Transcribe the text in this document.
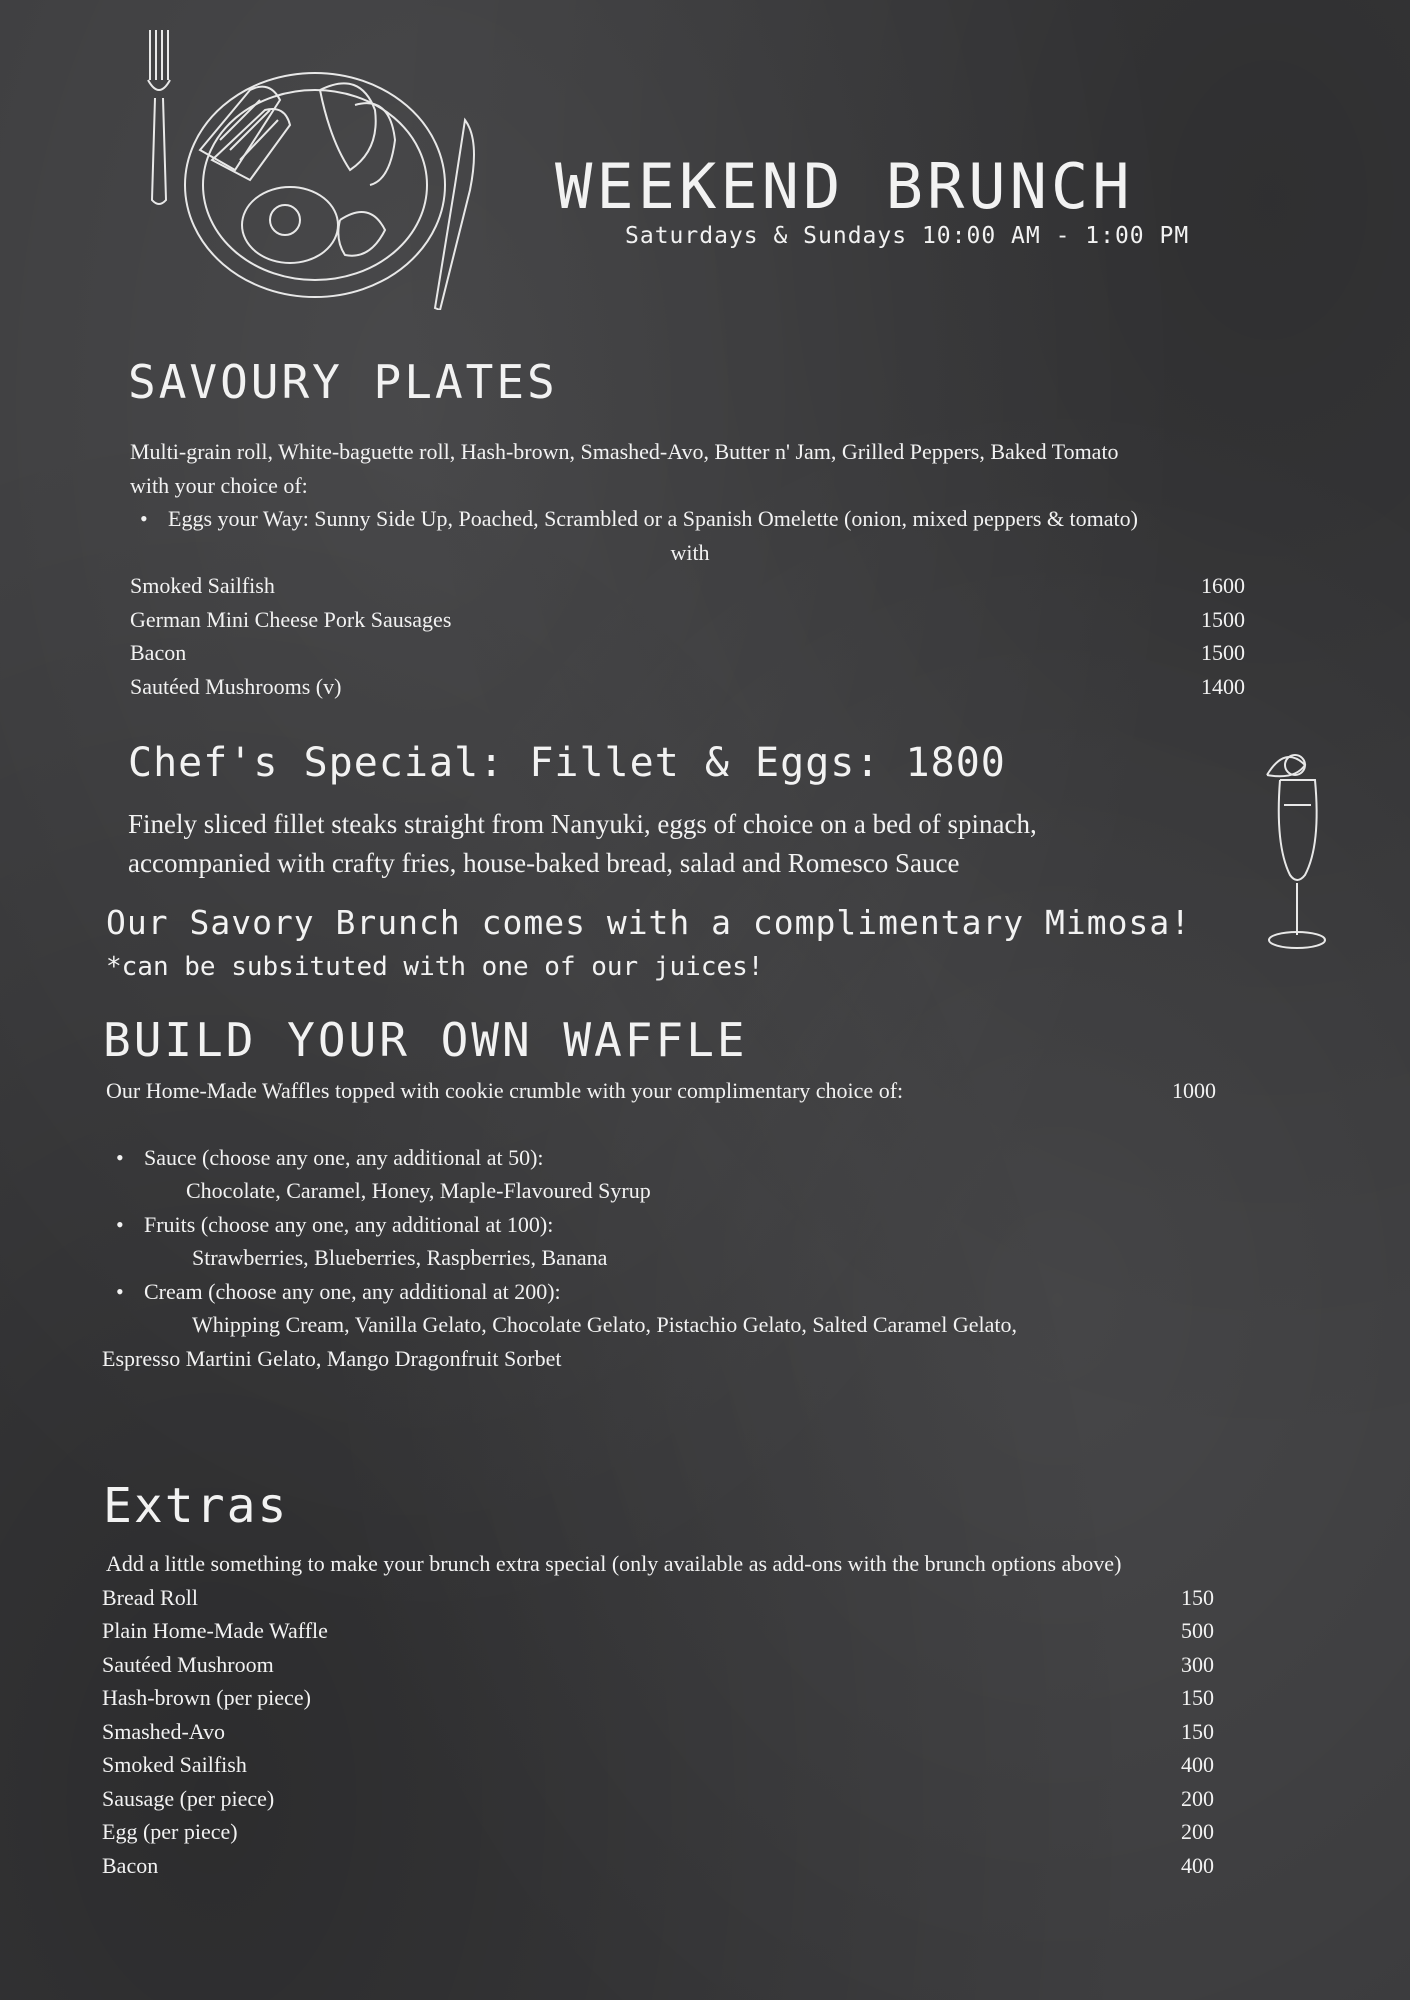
WEEKEND BRUNCH
Saturdays & Sundays 10:00 AM - 1:00 PM
SAVOURY PLATES
Multi-grain roll, White-baguette roll, Hash-brown, Smashed-Avo, Butter n' Jam, Grilled Peppers, Baked Tomato
with your choice of:
• Eggs your Way: Sunny Side Up, Poached, Scrambled or a Spanish Omelette (onion, mixed peppers & tomato)
with
Smoked Sailfish	1600
German Mini Cheese Pork Sausages	1500
Bacon	1500
Sautéed Mushrooms (v)	1400
Chef's Special: Fillet & Eggs: 1800
Finely sliced fillet steaks straight from Nanyuki, eggs of choice on a bed of spinach,
accompanied with crafty fries, house-baked bread, salad and Romesco Sauce
Our Savory Brunch comes with a complimentary Mimosa!
*can be subsituted with one of our juices!
BUILD YOUR OWN WAFFLE
Our Home-Made Waffles topped with cookie crumble with your complimentary choice of:	1000
• Sauce (choose any one, any additional at 50):
Chocolate, Caramel, Honey, Maple-Flavoured Syrup
• Fruits (choose any one, any additional at 100):
Strawberries, Blueberries, Raspberries, Banana
• Cream (choose any one, any additional at 200):
Whipping Cream, Vanilla Gelato, Chocolate Gelato, Pistachio Gelato, Salted Caramel Gelato,
Espresso Martini Gelato, Mango Dragonfruit Sorbet
Extras
Add a little something to make your brunch extra special (only available as add-ons with the brunch options above)
Bread Roll	150
Plain Home-Made Waffle	500
Sautéed Mushroom	300
Hash-brown (per piece)	150
Smashed-Avo	150
Smoked Sailfish	400
Sausage (per piece)	200
Egg (per piece)	200
Bacon	400
